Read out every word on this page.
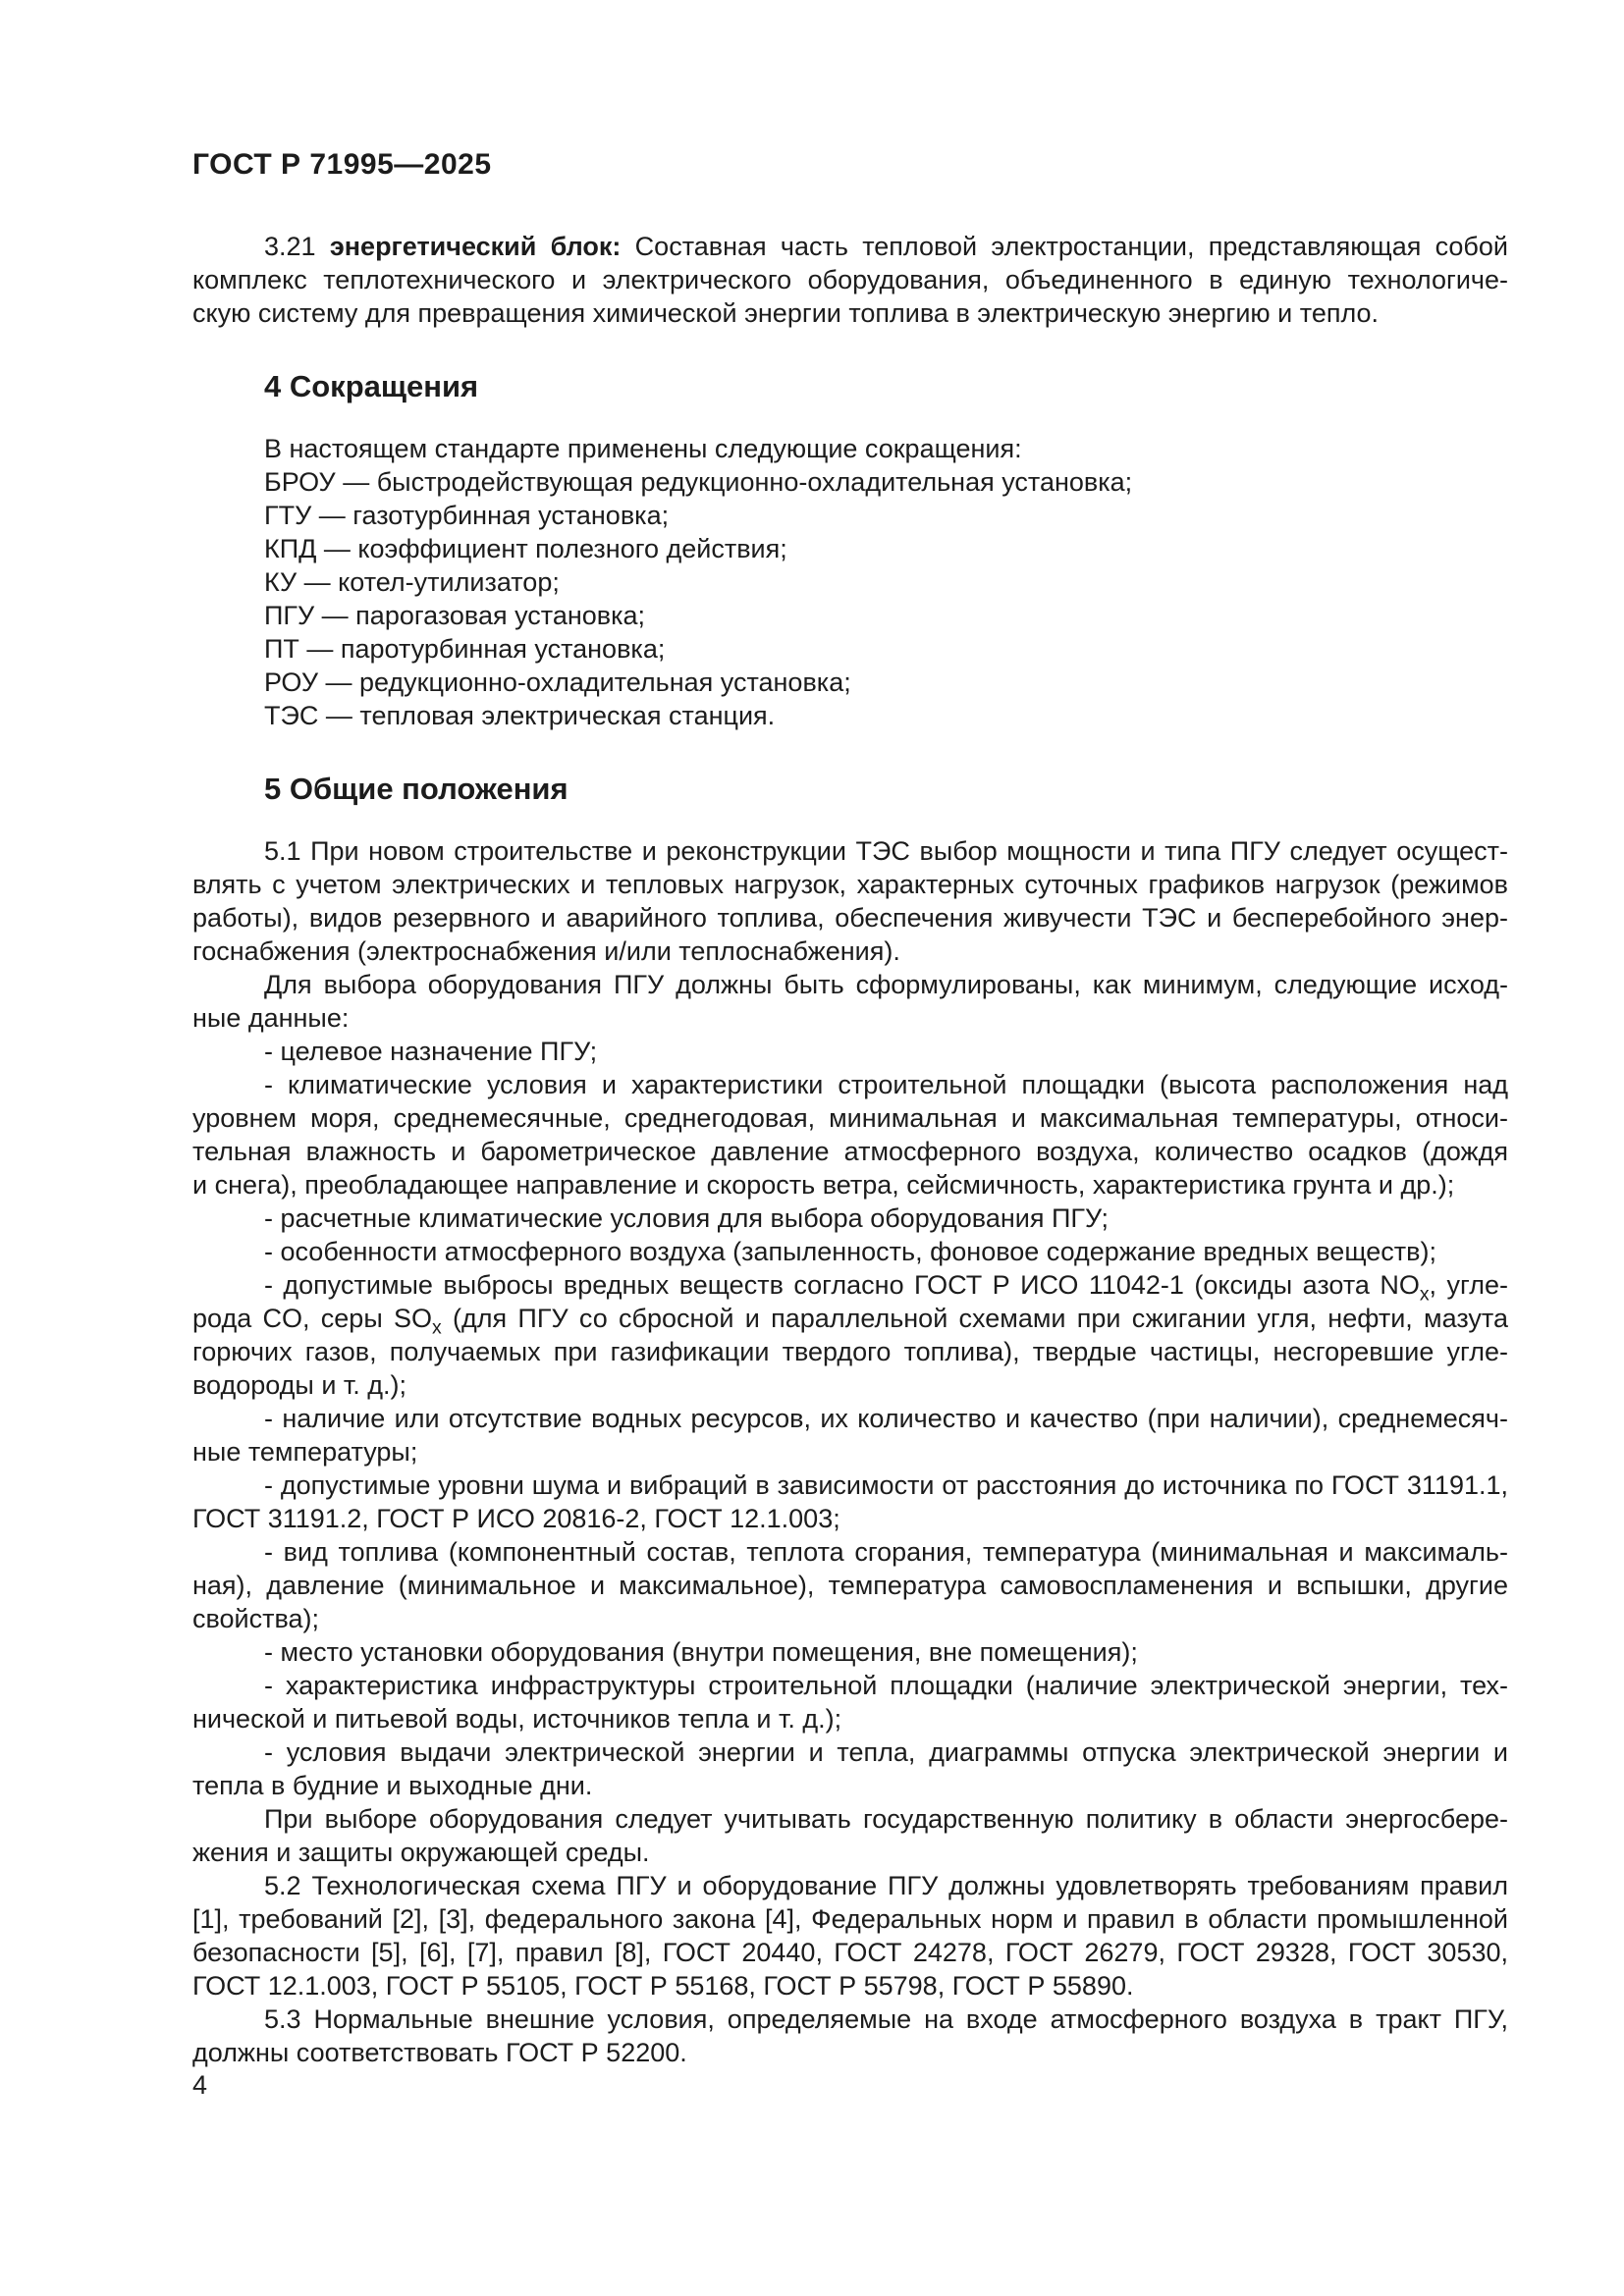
ГОСТ Р 71995—2025
3.21 энергетический блок: Составная часть тепловой электростанции, представляющая собой
комплекс теплотехнического и электрического оборудования, объединенного в единую технологиче-
скую систему для превращения химической энергии топлива в электрическую энергию и тепло.
4 Сокращения
В настоящем стандарте применены следующие сокращения:
БРОУ — быстродействующая редукционно-охладительная установка;
ГТУ — газотурбинная установка;
КПД — коэффициент полезного действия;
КУ — котел-утилизатор;
ПГУ — парогазовая установка;
ПТ — паротурбинная установка;
РОУ — редукционно-охладительная установка;
ТЭС — тепловая электрическая станция.
5 Общие положения
5.1 При новом строительстве и реконструкции ТЭС выбор мощности и типа ПГУ следует осущест-
влять с учетом электрических и тепловых нагрузок, характерных суточных графиков нагрузок (режимов
работы), видов резервного и аварийного топлива, обеспечения живучести ТЭС и бесперебойного энер-
госнабжения (электроснабжения и/или теплоснабжения).
Для выбора оборудования ПГУ должны быть сформулированы, как минимум, следующие исход-
ные данные:
- целевое назначение ПГУ;
- климатические условия и характеристики строительной площадки (высота расположения над
уровнем моря, среднемесячные, среднегодовая, минимальная и максимальная температуры, относи-
тельная влажность и барометрическое давление атмосферного воздуха, количество осадков (дождя
и снега), преобладающее направление и скорость ветра, сейсмичность, характеристика грунта и др.);
- расчетные климатические условия для выбора оборудования ПГУ;
- особенности атмосферного воздуха (запыленность, фоновое содержание вредных веществ);
- допустимые выбросы вредных веществ согласно ГОСТ Р ИСО 11042-1 (оксиды азота $NO_x$, угле-
рода CO, серы $SO_x$ (для ПГУ со сбросной и параллельной схемами при сжигании угля, нефти, мазута
горючих газов, получаемых при газификации твердого топлива), твердые частицы, несгоревшие угле-
водороды и т. д.);
- наличие или отсутствие водных ресурсов, их количество и качество (при наличии), среднемесяч-
ные температуры;
- допустимые уровни шума и вибраций в зависимости от расстояния до источника по ГОСТ 31191.1,
ГОСТ 31191.2, ГОСТ Р ИСО 20816-2, ГОСТ 12.1.003;
- вид топлива (компонентный состав, теплота сгорания, температура (минимальная и максималь-
ная), давление (минимальное и максимальное), температура самовоспламенения и вспышки, другие
свойства);
- место установки оборудования (внутри помещения, вне помещения);
- характеристика инфраструктуры строительной площадки (наличие электрической энергии, тех-
нической и питьевой воды, источников тепла и т. д.);
- условия выдачи электрической энергии и тепла, диаграммы отпуска электрической энергии и
тепла в будние и выходные дни.
При выборе оборудования следует учитывать государственную политику в области энергосбере-
жения и защиты окружающей среды.
5.2 Технологическая схема ПГУ и оборудование ПГУ должны удовлетворять требованиям правил
[1], требований [2], [3], федерального закона [4], Федеральных норм и правил в области промышленной
безопасности [5], [6], [7], правил [8], ГОСТ 20440, ГОСТ 24278, ГОСТ 26279, ГОСТ 29328, ГОСТ 30530,
ГОСТ 12.1.003, ГОСТ Р 55105, ГОСТ Р 55168, ГОСТ Р 55798, ГОСТ Р 55890.
5.3 Нормальные внешние условия, определяемые на входе атмосферного воздуха в тракт ПГУ,
должны соответствовать ГОСТ Р 52200.
4
